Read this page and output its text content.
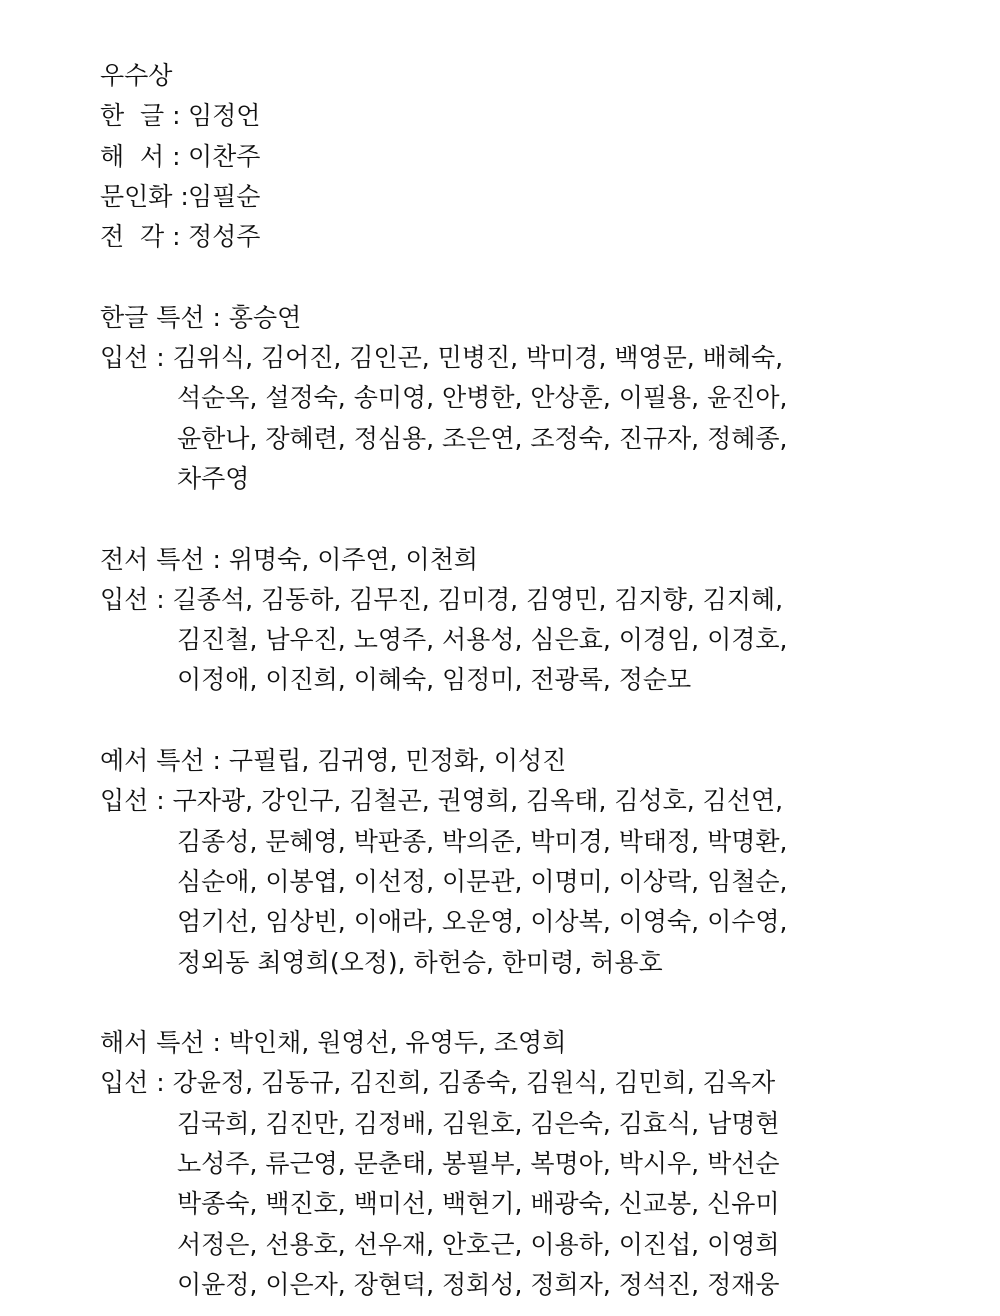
우수상
한  글 : 임정언
해  서 : 이찬주
문인화 : 임필순
전  각 : 정성주
한글 특선 : 홍승연
입선 : 김위식, 김어진, 김인곤, 민병진, 박미경, 백영문, 배혜숙,
석순옥, 설정숙, 송미영, 안병한, 안상훈, 이필용, 윤진아,
윤한나, 장혜련, 정심용, 조은연, 조정숙, 진규자, 정혜종,
차주영
전서 특선 : 위명숙, 이주연, 이천희
입선 : 길종석, 김동하, 김무진, 김미경, 김영민, 김지향, 김지혜,
김진철, 남우진, 노영주, 서용성, 심은효, 이경임, 이경호,
이정애, 이진희, 이혜숙, 임정미, 전광록, 정순모
예서 특선 : 구필립, 김귀영, 민정화, 이성진
입선 : 구자광, 강인구, 김철곤, 권영희, 김옥태, 김성호, 김선연,
김종성, 문혜영, 박판종, 박의준, 박미경, 박태정, 박명환,
심순애, 이봉엽, 이선정, 이문관, 이명미, 이상락, 임철순,
엄기선, 임상빈, 이애라, 오운영, 이상복, 이영숙, 이수영,
정외동 최영희(오정), 하헌승, 한미령, 허용호
해서 특선 : 박인채, 원영선, 유영두, 조영희
입선 : 강윤정, 김동규, 김진희, 김종숙, 김원식, 김민희, 김옥자
김국희, 김진만, 김정배, 김원호, 김은숙, 김효식, 남명현
노성주, 류근영, 문춘태, 봉필부, 복명아, 박시우, 박선순
박종숙, 백진호, 백미선, 백현기, 배광숙, 신교봉, 신유미
서정은, 선용호, 선우재, 안호근, 이용하, 이진섭, 이영희
이윤정, 이은자, 장현덕, 정회성, 정희자, 정석진, 정재웅
